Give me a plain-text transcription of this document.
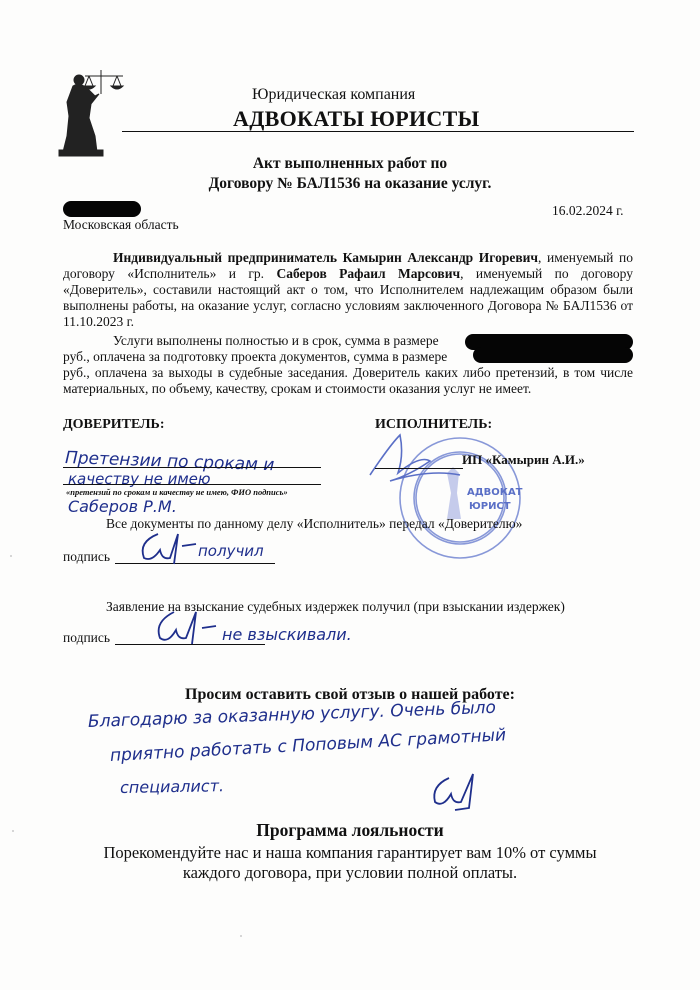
Юридическая компания
АДВОКАТЫ ЮРИСТЫ
Акт выполненных работ по
Договору № БАЛ1536 на оказание услуг.
16.02.2024 г.
Московская область

Индивидуальный предприниматель Камырин Александр Игоревич, именуемый по договору «Исполнитель» и гр. Саберов Рафаил Марсович, именуемый по договору «Доверитель», составили настоящий акт о том, что Исполнителем надлежащим образом были выполнены работы, на оказание услуг, согласно условиям заключенного Договора № БАЛ1536 от 11.10.2023 г.

Услуги выполнены полностью и в срок, сумма в размере
руб., оплачена за подготовку проекта документов, сумма в размере
руб., оплачена за выходы в судебные заседания. Доверитель каких либо претензий, в том числе материальных, по объему, качеству, срокам и стоимости оказания услуг не имеет.

ДОВЕРИТЕЛЬ:	ИСПОЛНИТЕЛЬ:
Претензии по срокам и
качеству не имею
«претензий по срокам и качеству не имею, ФИО подпись»
Саберов Р.М.
АДВОКАТ
ЮРИСТ
ИП «Камырин А.И.»
Все документы по данному делу «Исполнитель» передал «Доверителю»
подпись	получил
Заявление на взыскание судебных издержек получил (при взыскании издержек)
подпись	не взыскивали.
Просим оставить свой отзыв о нашей работе:
Благодарю за оказанную услугу. Очень было
приятно работать с Поповым АС грамотный
специалист.
Программа лояльности
Порекомендуйте нас и наша компания гарантирует вам 10% от суммы каждого договора, при условии полной оплаты.
